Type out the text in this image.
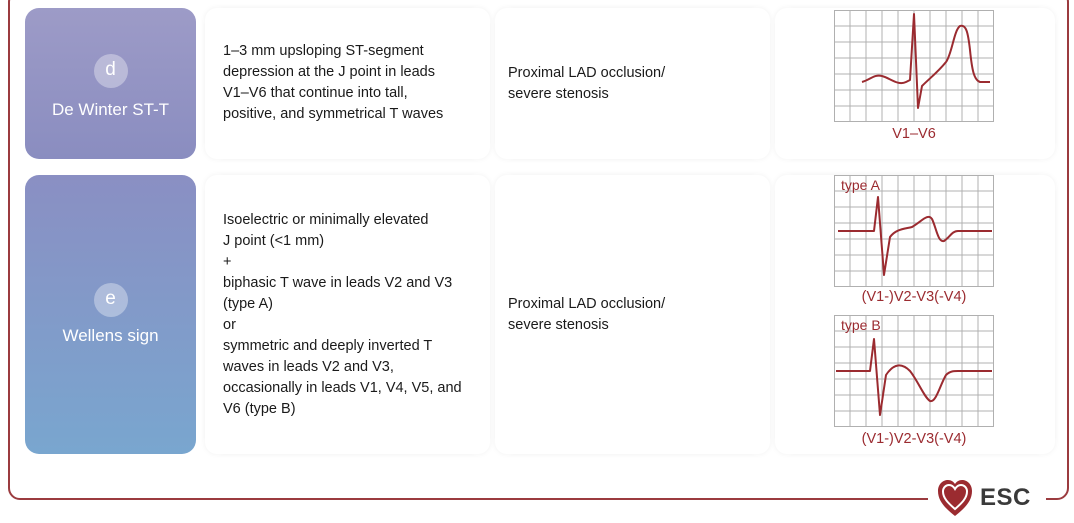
d
De Winter ST-T
1–3 mm upsloping ST-segment
depression at the J point in leads
V1–V6 that continue into tall,
positive, and symmetrical T waves
Proximal LAD occlusion/
severe stenosis
V1–V6
e
Wellens sign
Isoelectric or minimally elevated
J point (<1 mm)
+
biphasic T wave in leads V2 and V3
(type A)
or
symmetric and deeply inverted T
waves in leads V2 and V3,
occasionally in leads V1, V4, V5, and
V6 (type B)
Proximal LAD occlusion/
severe stenosis
type A
(V1-)V2-V3(-V4)
type B
(V1-)V2-V3(-V4)
ESC
